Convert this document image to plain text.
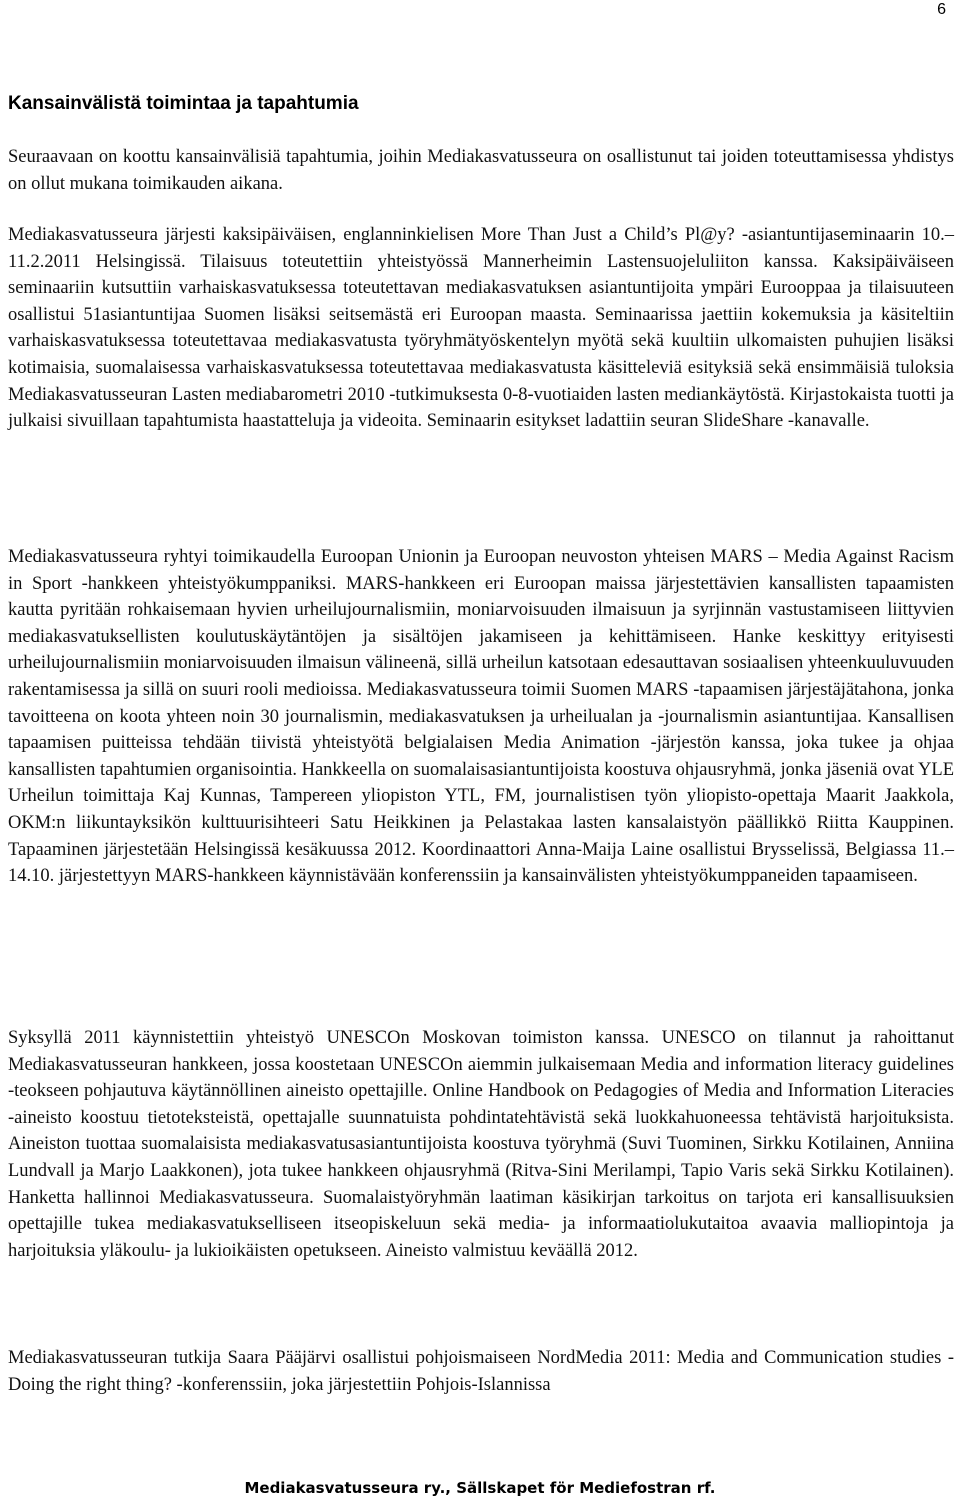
6
Kansainvälistä toimintaa ja tapahtumia

Seuraavaan on koottu kansainvälisiä tapahtumia, joihin Mediakasvatusseura on osallistunut tai joiden toteuttamisessa yhdistys on ollut mukana toimikauden aikana.

Mediakasvatusseura järjesti kaksipäiväisen, englanninkielisen More Than Just a Child’s Pl@y? -asiantuntijaseminaarin 10.–11.2.2011 Helsingissä. Tilaisuus toteutettiin yhteistyössä Mannerheimin Lastensuojeluliiton kanssa. Kaksipäiväiseen seminaariin kutsuttiin varhaiskasvatuksessa toteutettavan mediakasvatuksen asiantuntijoita ympäri Eurooppaa ja tilaisuuteen osallistui 51asiantuntijaa Suomen lisäksi seitsemästä eri Euroopan maasta. Seminaarissa jaettiin kokemuksia ja käsiteltiin varhaiskasvatuksessa toteutettavaa mediakasvatusta työryhmätyöskentelyn myötä sekä kuultiin ulkomaisten puhujien lisäksi kotimaisia, suomalaisessa varhaiskasvatuksessa toteutettavaa mediakasvatusta käsitteleviä esityksiä sekä ensimmäisiä tuloksia Mediakasvatusseuran Lasten mediabarometri 2010 -tutkimuksesta 0-8-vuotiaiden lasten mediankäytöstä. Kirjastokaista tuotti ja julkaisi sivuillaan tapahtumista haastatteluja ja videoita. Seminaarin esitykset ladattiin seuran SlideShare -kanavalle.

Mediakasvatusseura ryhtyi toimikaudella Euroopan Unionin ja Euroopan neuvoston yhteisen MARS – Media Against Racism in Sport -hankkeen yhteistyökumppaniksi. MARS-hankkeen eri Euroopan maissa järjestettävien kansallisten tapaamisten kautta pyritään rohkaisemaan hyvien urheilujournalismiin, moniarvoisuuden ilmaisuun ja syrjinnän vastustamiseen liittyvien mediakasvatuksellisten koulutuskäytäntöjen ja sisältöjen jakamiseen ja kehittämiseen. Hanke keskittyy erityisesti urheilujournalismiin moniarvoisuuden ilmaisun välineenä, sillä urheilun katsotaan edesauttavan sosiaalisen yhteenkuuluvuuden rakentamisessa ja sillä on suuri rooli medioissa. Mediakasvatusseura toimii Suomen MARS -tapaamisen järjestäjätahona, jonka tavoitteena on koota yhteen noin 30 journalismin, mediakasvatuksen ja urheilualan ja -journalismin asiantuntijaa. Kansallisen tapaamisen puitteissa tehdään tiivistä yhteistyötä belgialaisen Media Animation -järjestön kanssa, joka tukee ja ohjaa kansallisten tapahtumien organisointia. Hankkeella on suomalaisasiantuntijoista koostuva ohjausryhmä, jonka jäseniä ovat YLE Urheilun toimittaja Kaj Kunnas, Tampereen yliopiston YTL, FM, journalistisen työn yliopisto-opettaja Maarit Jaakkola, OKM:n liikuntayksikön kulttuurisihteeri Satu Heikkinen ja Pelastakaa lasten kansalaistyön päällikkö Riitta Kauppinen. Tapaaminen järjestetään Helsingissä kesäkuussa 2012. Koordinaattori Anna-Maija Laine osallistui Brysselissä, Belgiassa 11.–14.10. järjestettyyn MARS-hankkeen käynnistävään konferenssiin ja kansainvälisten yhteistyökumppaneiden tapaamiseen.

Syksyllä 2011 käynnistettiin yhteistyö UNESCOn Moskovan toimiston kanssa. UNESCO on tilannut ja rahoittanut Mediakasvatusseuran hankkeen, jossa koostetaan UNESCOn aiemmin julkaisemaan Media and information literacy guidelines -teokseen pohjautuva käytännöllinen aineisto opettajille. Online Handbook on Pedagogies of Media and Information Literacies -aineisto koostuu tietoteksteistä, opettajalle suunnatuista pohdintatehtävistä sekä luokkahuoneessa tehtävistä harjoituksista. Aineiston tuottaa suomalaisista mediakasvatusasiantuntijoista koostuva työryhmä (Suvi Tuominen, Sirkku Kotilainen, Anniina Lundvall ja Marjo Laakkonen), jota tukee hankkeen ohjausryhmä (Ritva-Sini Merilampi, Tapio Varis sekä Sirkku Kotilainen). Hanketta hallinnoi Mediakasvatusseura. Suomalaistyöryhmän laatiman käsikirjan tarkoitus on tarjota eri kansallisuuksien opettajille tukea mediakasvatukselliseen itseopiskeluun sekä media- ja informaatiolukutaitoa avaavia malliopintoja ja harjoituksia yläkoulu- ja lukioikäisten opetukseen. Aineisto valmistuu keväällä 2012.

Mediakasvatusseuran tutkija Saara Pääjärvi osallistui pohjoismaiseen NordMedia 2011: Media and Communication studies - Doing the right thing? -konferenssiin, joka järjestettiin Pohjois-Islannissa

Mediakasvatusseura ry., Sällskapet för Mediefostran rf.
